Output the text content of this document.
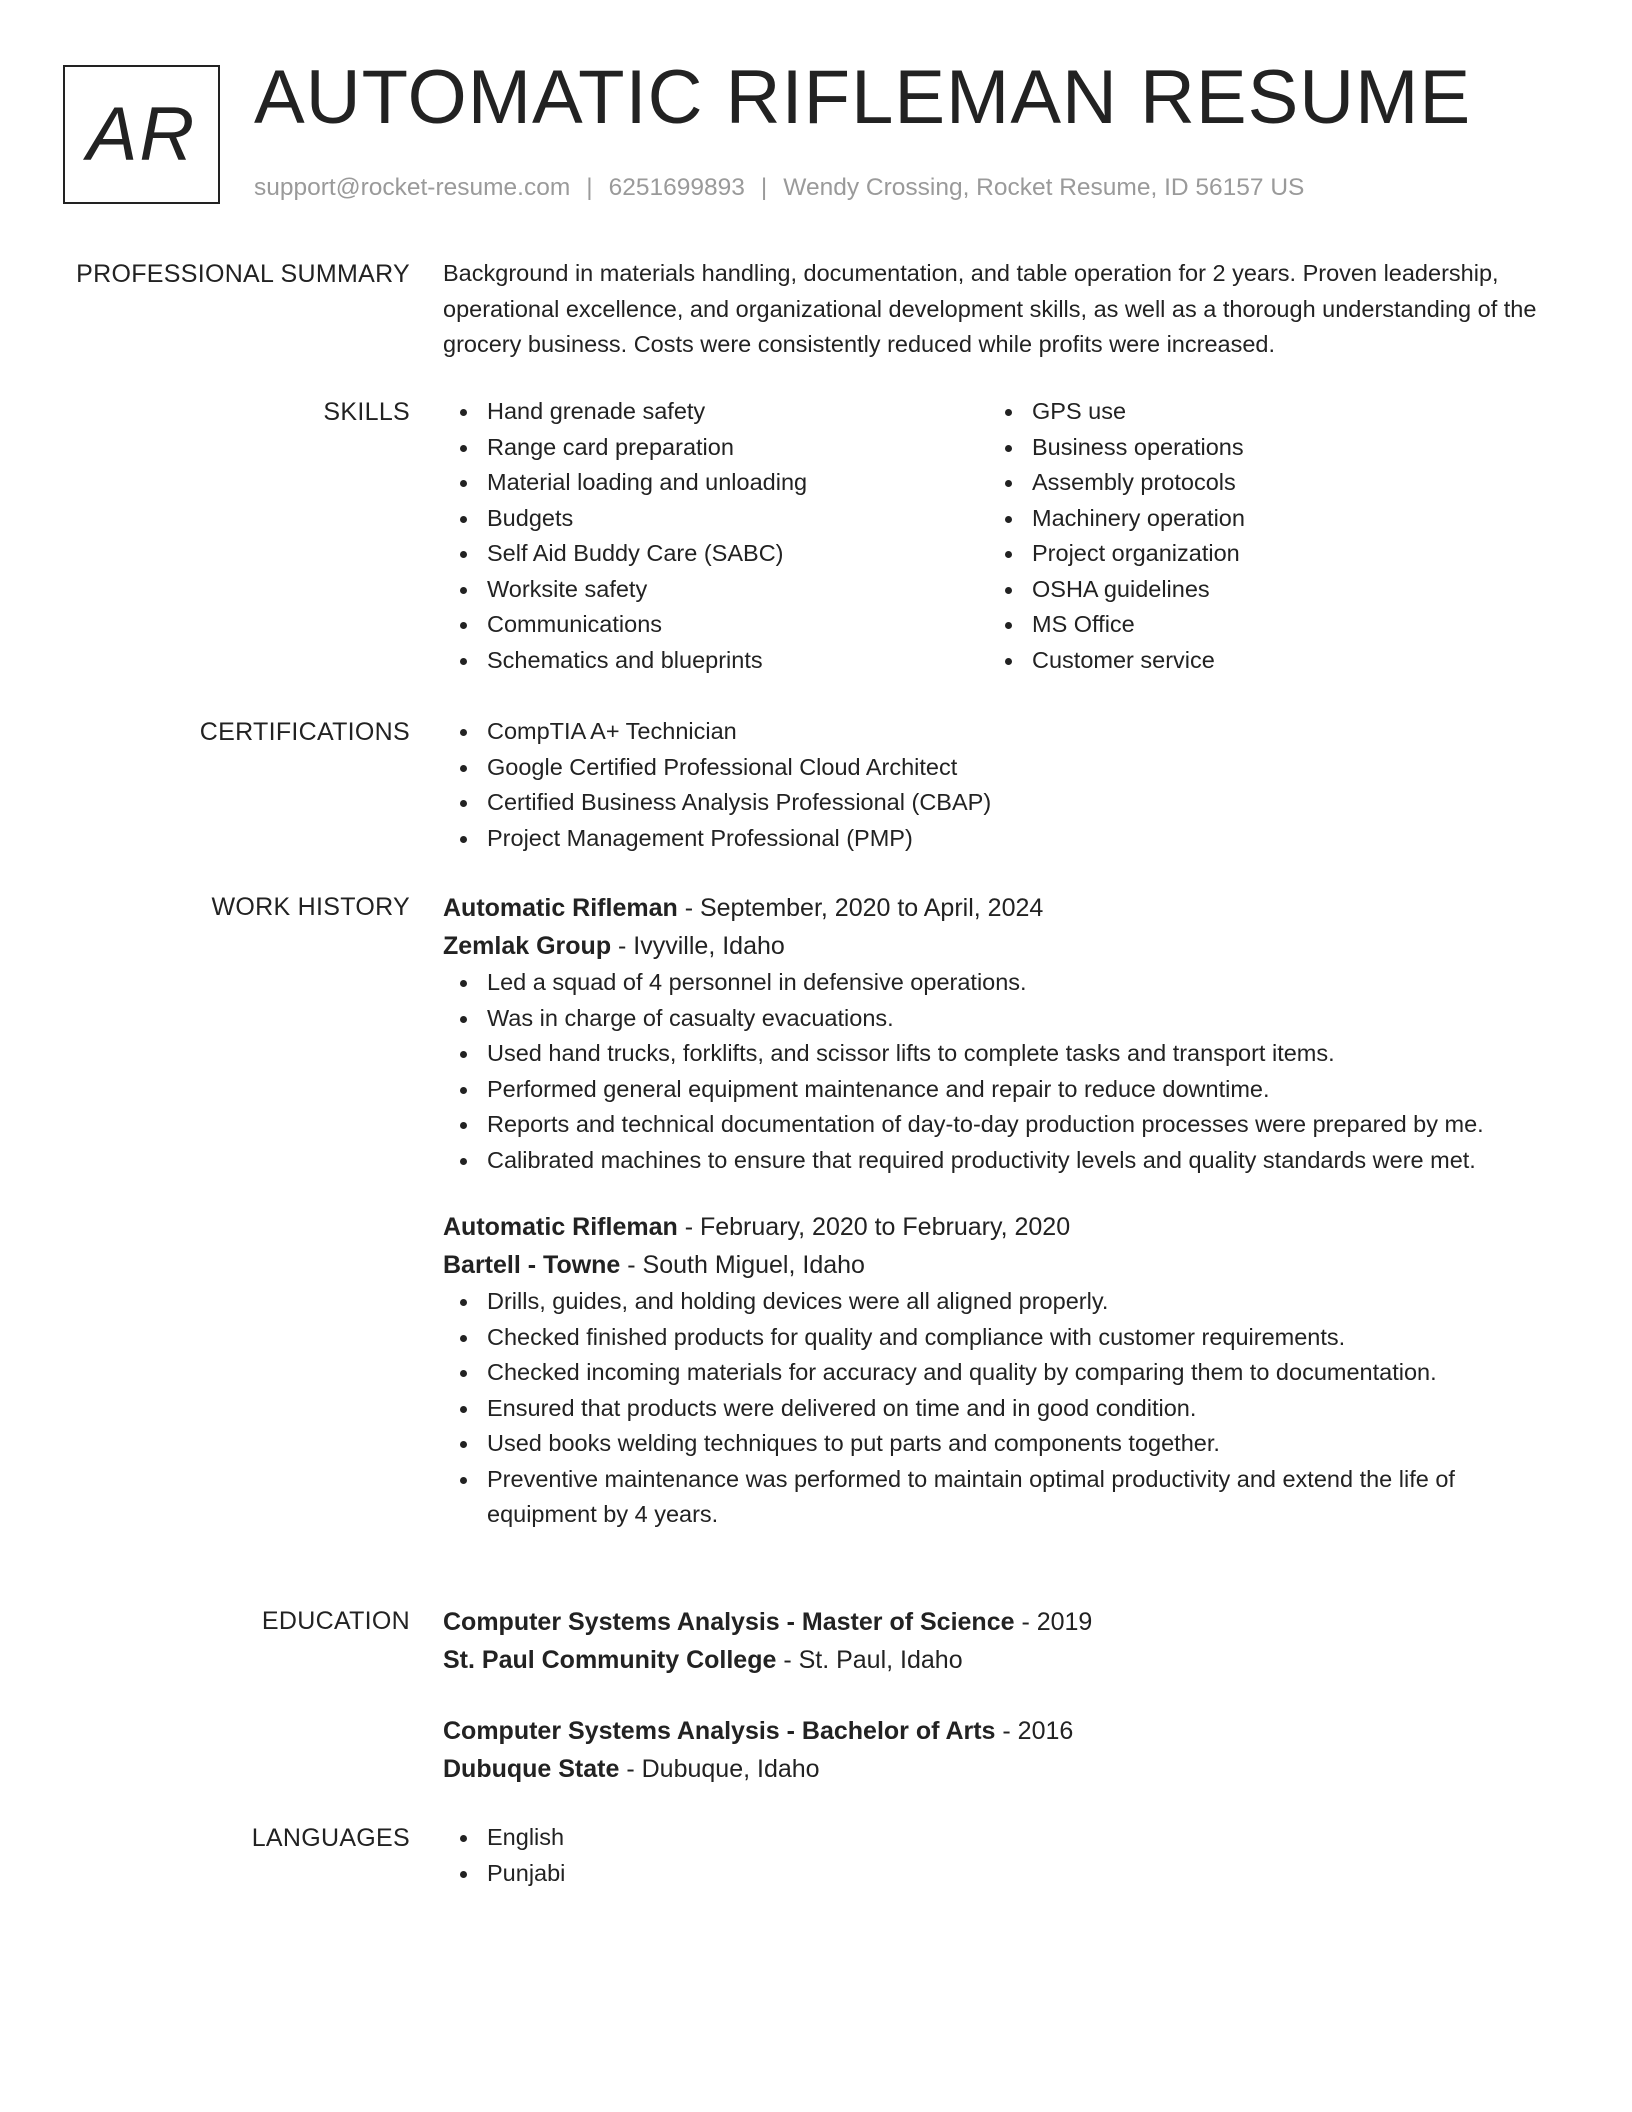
AR AUTOMATIC RIFLEMAN RESUME
support@rocket-resume.com | 6251699893 | Wendy Crossing, Rocket Resume, ID 56157 US
PROFESSIONAL SUMMARY Background in materials handling, documentation, and table operation for 2 years. Proven leadership, operational excellence, and organizational development skills, as well as a thorough understanding of the grocery business. Costs were consistently reduced while profits were increased.

SKILLS	Hand grenade safety
Range card preparation
Material loading and unloading
Budgets
Self Aid Buddy Care (SABC)
Worksite safety
Communications
Schematics and blueprints
GPS use
Business operations
Assembly protocols
Machinery operation
Project organization
OSHA guidelines
MS Office
Customer service
CERTIFICATIONS	CompTIA A+ Technician
Google Certified Professional Cloud Architect
Certified Business Analysis Professional (CBAP)
Project Management Professional (PMP)
WORK HISTORY Automatic Rifleman - September, 2020 to April, 2024
Zemlak Group - Ivyville, Idaho
Led a squad of 4 personnel in defensive operations.
Was in charge of casualty evacuations.
Used hand trucks, forklifts, and scissor lifts to complete tasks and transport items.
Performed general equipment maintenance and repair to reduce downtime.
Reports and technical documentation of day-to-day production processes were prepared by me.
Calibrated machines to ensure that required productivity levels and quality standards were met.
Automatic Rifleman - February, 2020 to February, 2020
Bartell - Towne - South Miguel, Idaho
Drills, guides, and holding devices were all aligned properly.
Checked finished products for quality and compliance with customer requirements.
Checked incoming materials for accuracy and quality by comparing them to documentation.
Ensured that products were delivered on time and in good condition.
Used books welding techniques to put parts and components together.
Preventive maintenance was performed to maintain optimal productivity and extend the life of equipment by 4 years.
EDUCATION Computer Systems Analysis - Master of Science - 2019
St. Paul Community College - St. Paul, Idaho
Computer Systems Analysis - Bachelor of Arts - 2016
Dubuque State - Dubuque, Idaho
LANGUAGES	English
Punjabi
